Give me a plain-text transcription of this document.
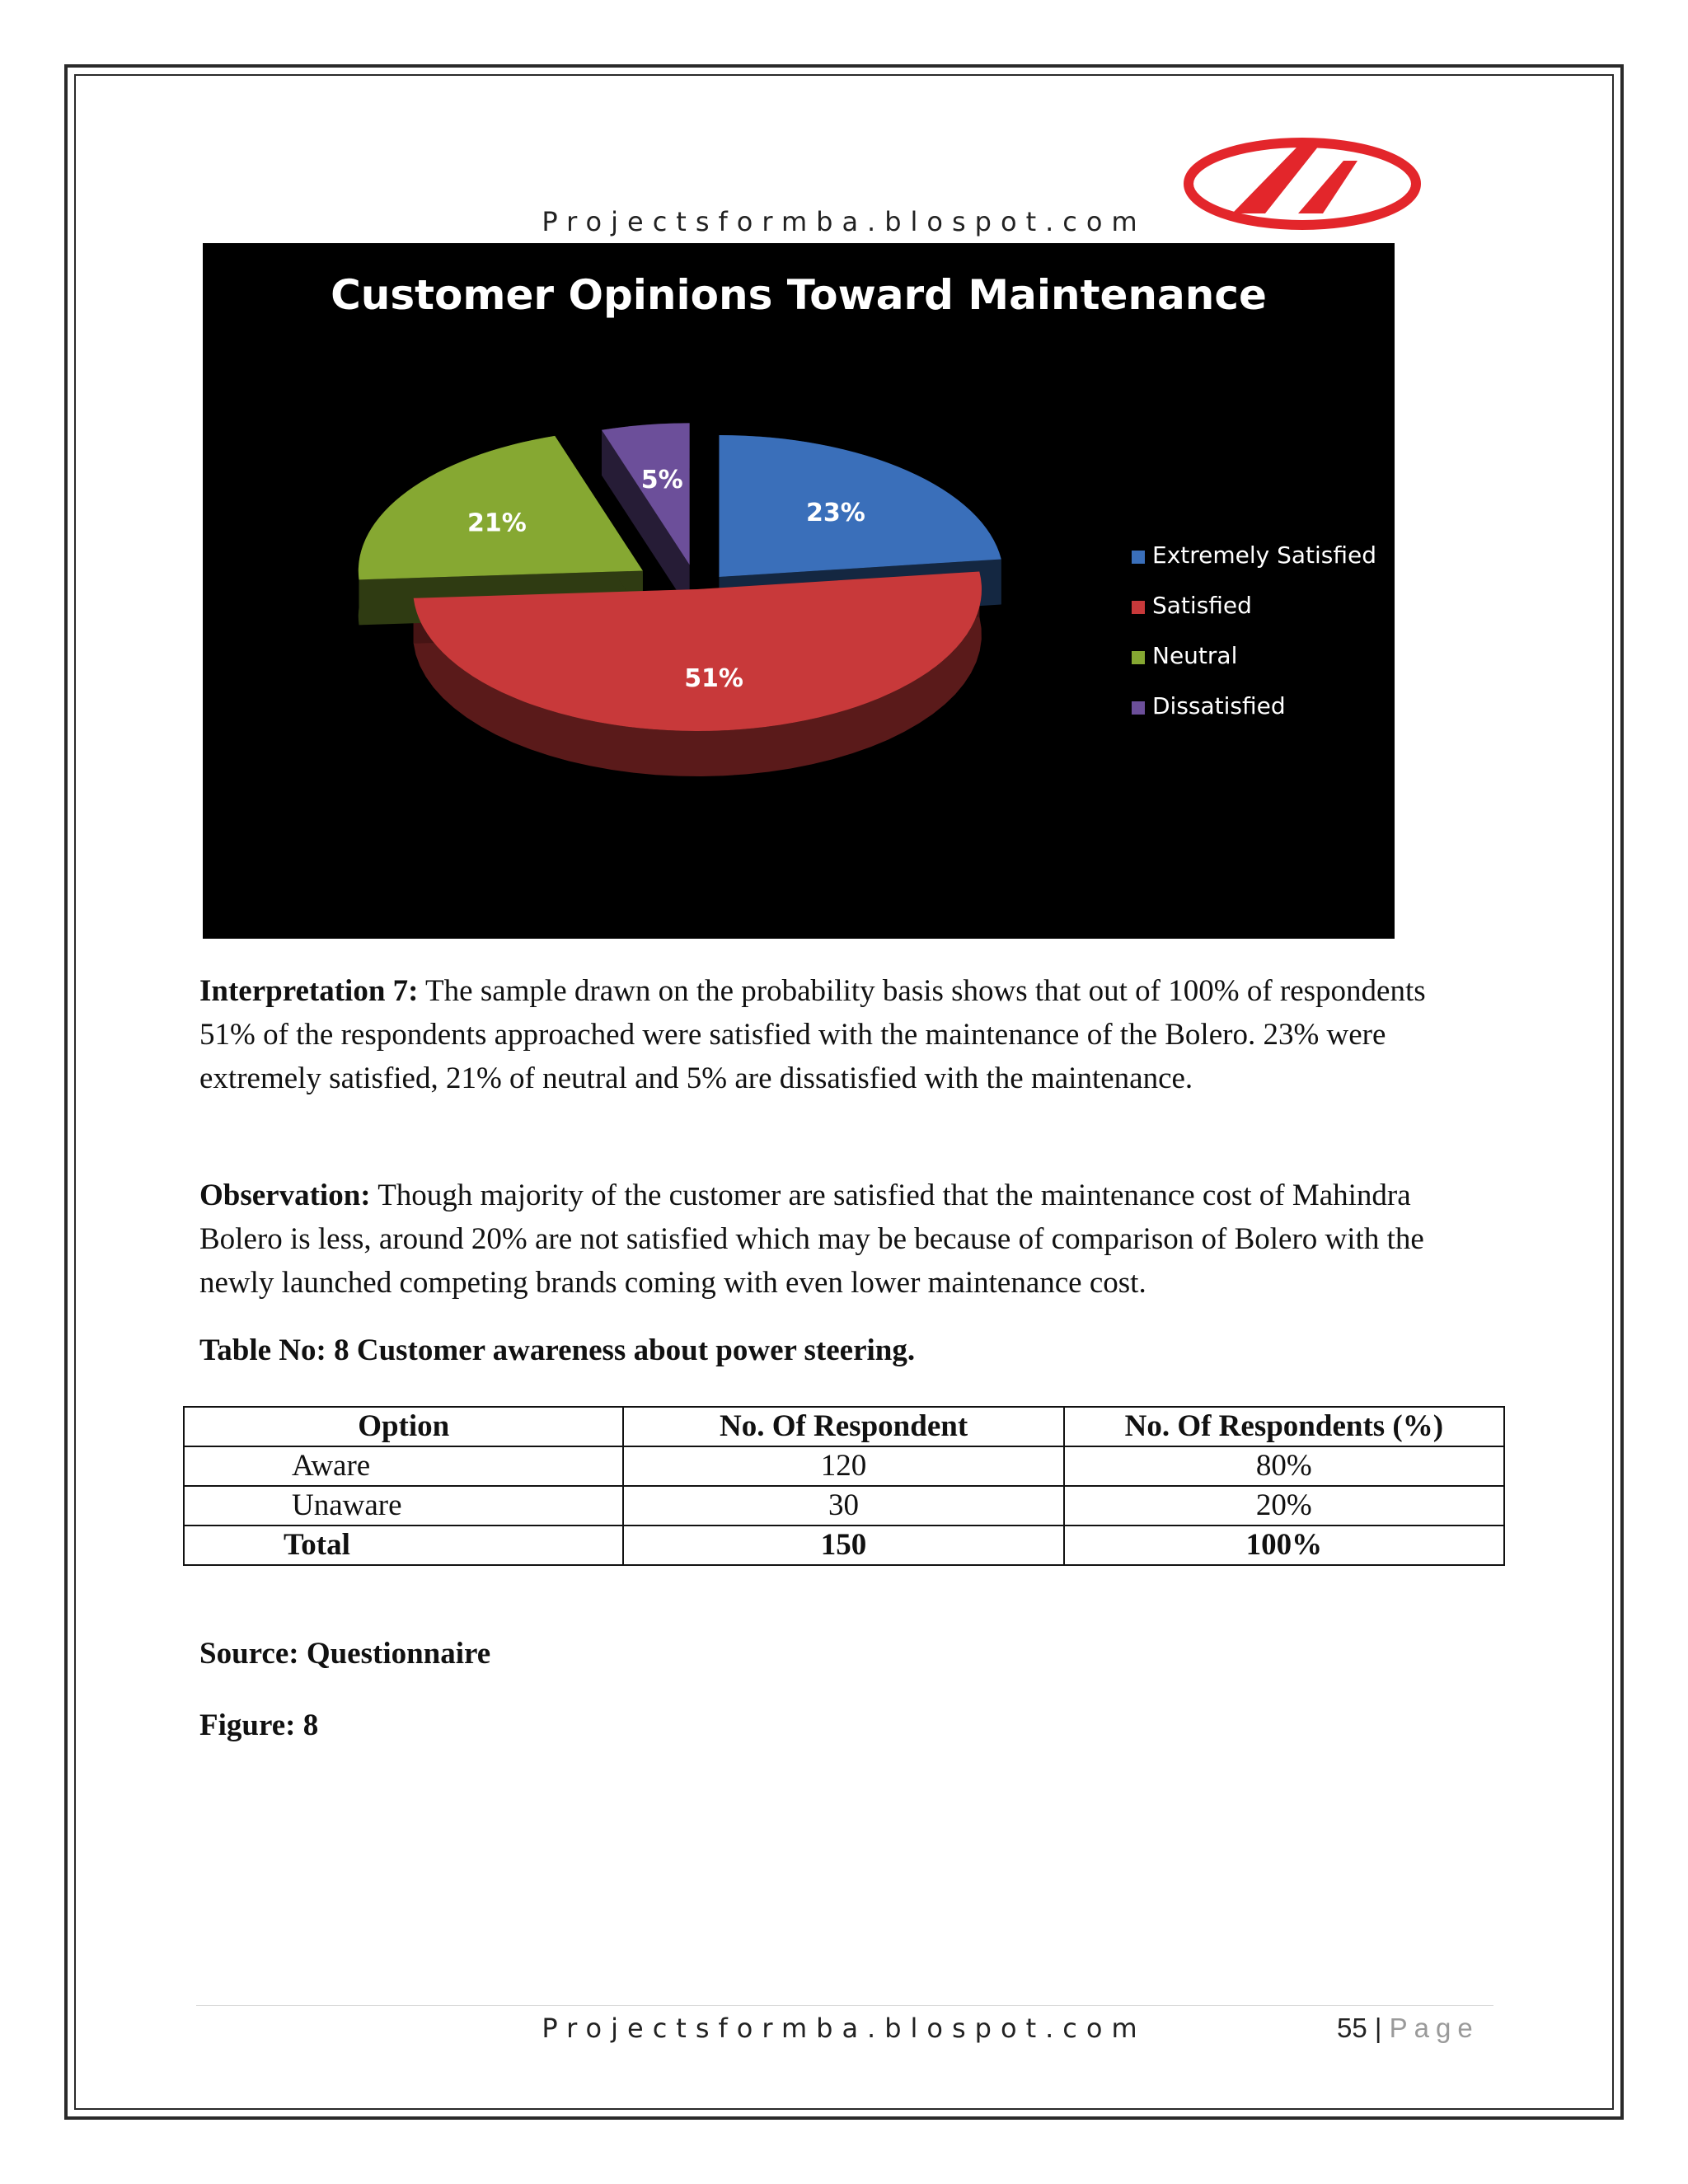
Projectsformba.blospot.com
Customer Opinions Toward Maintenance
23%
51%
21%
5%
Extremely Satisfied
Satisfied
Neutral
Dissatisfied

Interpretation 7: The sample drawn on the probability basis shows that out of 100% of respondents 51% of the respondents approached were satisfied with the maintenance of the Bolero. 23% were extremely satisfied, 21% of neutral and 5% are dissatisfied with the maintenance.

Observation: Though majority of the customer are satisfied that the maintenance cost of Mahindra Bolero is less, around 20% are not satisfied which may be because of comparison of Bolero with the newly launched competing brands coming with even lower maintenance cost.

Table No: 8 Customer awareness about power steering.
Option	No. Of Respondent	No. Of Respondents (%)
Aware	120	80%
Unaware	30	20%
Total	150	100%
Source: Questionnaire
Figure: 8
Projectsformba.blospot.com	55 | Page
